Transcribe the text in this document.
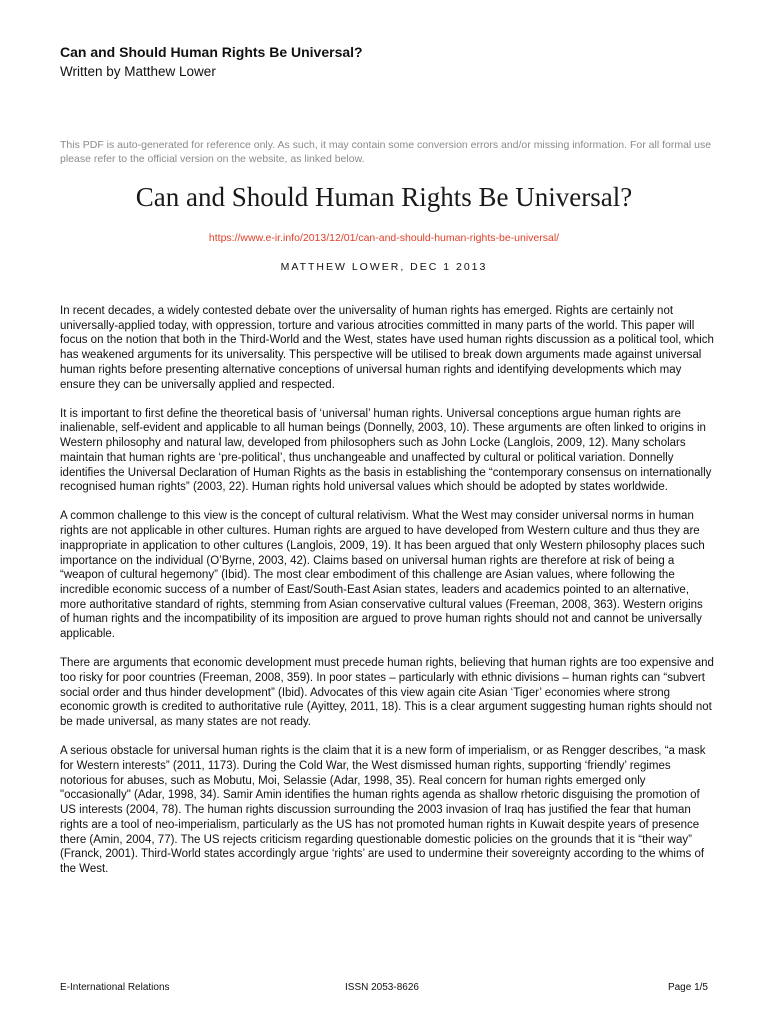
Can and Should Human Rights Be Universal?
Written by Matthew Lower
This PDF is auto-generated for reference only. As such, it may contain some conversion errors and/or missing information. For all formal use please refer to the official version on the website, as linked below.
Can and Should Human Rights Be Universal?
https://www.e-ir.info/2013/12/01/can-and-should-human-rights-be-universal/
MATTHEW LOWER, DEC 1 2013

In recent decades, a widely contested debate over the universality of human rights has emerged. Rights are certainly not universally-applied today, with oppression, torture and various atrocities committed in many parts of the world. This paper will focus on the notion that both in the Third-World and the West, states have used human rights discussion as a political tool, which has weakened arguments for its universality. This perspective will be utilised to break down arguments made against universal human rights before presenting alternative conceptions of universal human rights and identifying developments which may ensure they can be universally applied and respected.

It is important to first define the theoretical basis of ‘universal’ human rights. Universal conceptions argue human rights are inalienable, self-evident and applicable to all human beings (Donnelly, 2003, 10). These arguments are often linked to origins in Western philosophy and natural law, developed from philosophers such as John Locke (Langlois, 2009, 12). Many scholars maintain that human rights are ‘pre-political’, thus unchangeable and unaffected by cultural or political variation. Donnelly identifies the Universal Declaration of Human Rights as the basis in establishing the “contemporary consensus on internationally recognised human rights” (2003, 22). Human rights hold universal values which should be adopted by states worldwide.

A common challenge to this view is the concept of cultural relativism. What the West may consider universal norms in human rights are not applicable in other cultures. Human rights are argued to have developed from Western culture and thus they are inappropriate in application to other cultures (Langlois, 2009, 19). It has been argued that only Western philosophy places such importance on the individual (O’Byrne, 2003, 42). Claims based on universal human rights are therefore at risk of being a “weapon of cultural hegemony” (Ibid). The most clear embodiment of this challenge are Asian values, where following the incredible economic success of a number of East/South-East Asian states, leaders and academics pointed to an alternative, more authoritative standard of rights, stemming from Asian conservative cultural values (Freeman, 2008, 363). Western origins of human rights and the incompatibility of its imposition are argued to prove human rights should not and cannot be universally applicable.

There are arguments that economic development must precede human rights, believing that human rights are too expensive and too risky for poor countries (Freeman, 2008, 359). In poor states – particularly with ethnic divisions – human rights can “subvert social order and thus hinder development” (Ibid). Advocates of this view again cite Asian ‘Tiger’ economies where strong economic growth is credited to authoritative rule (Ayittey, 2011, 18). This is a clear argument suggesting human rights should not be made universal, as many states are not ready.

A serious obstacle for universal human rights is the claim that it is a new form of imperialism, or as Rengger describes, “a mask for Western interests” (2011, 1173). During the Cold War, the West dismissed human rights, supporting ‘friendly’ regimes notorious for abuses, such as Mobutu, Moi, Selassie (Adar, 1998, 35). Real concern for human rights emerged only "occasionally" (Adar, 1998, 34). Samir Amin identifies the human rights agenda as shallow rhetoric disguising the promotion of US interests (2004, 78). The human rights discussion surrounding the 2003 invasion of Iraq has justified the fear that human rights are a tool of neo-imperialism, particularly as the US has not promoted human rights in Kuwait despite years of presence there (Amin, 2004, 77). The US rejects criticism regarding questionable domestic policies on the grounds that it is “their way” (Franck, 2001). Third-World states accordingly argue ‘rights’ are used to undermine their sovereignty according to the whims of the West.

E-International Relations	ISSN 2053-8626	Page 1/5
